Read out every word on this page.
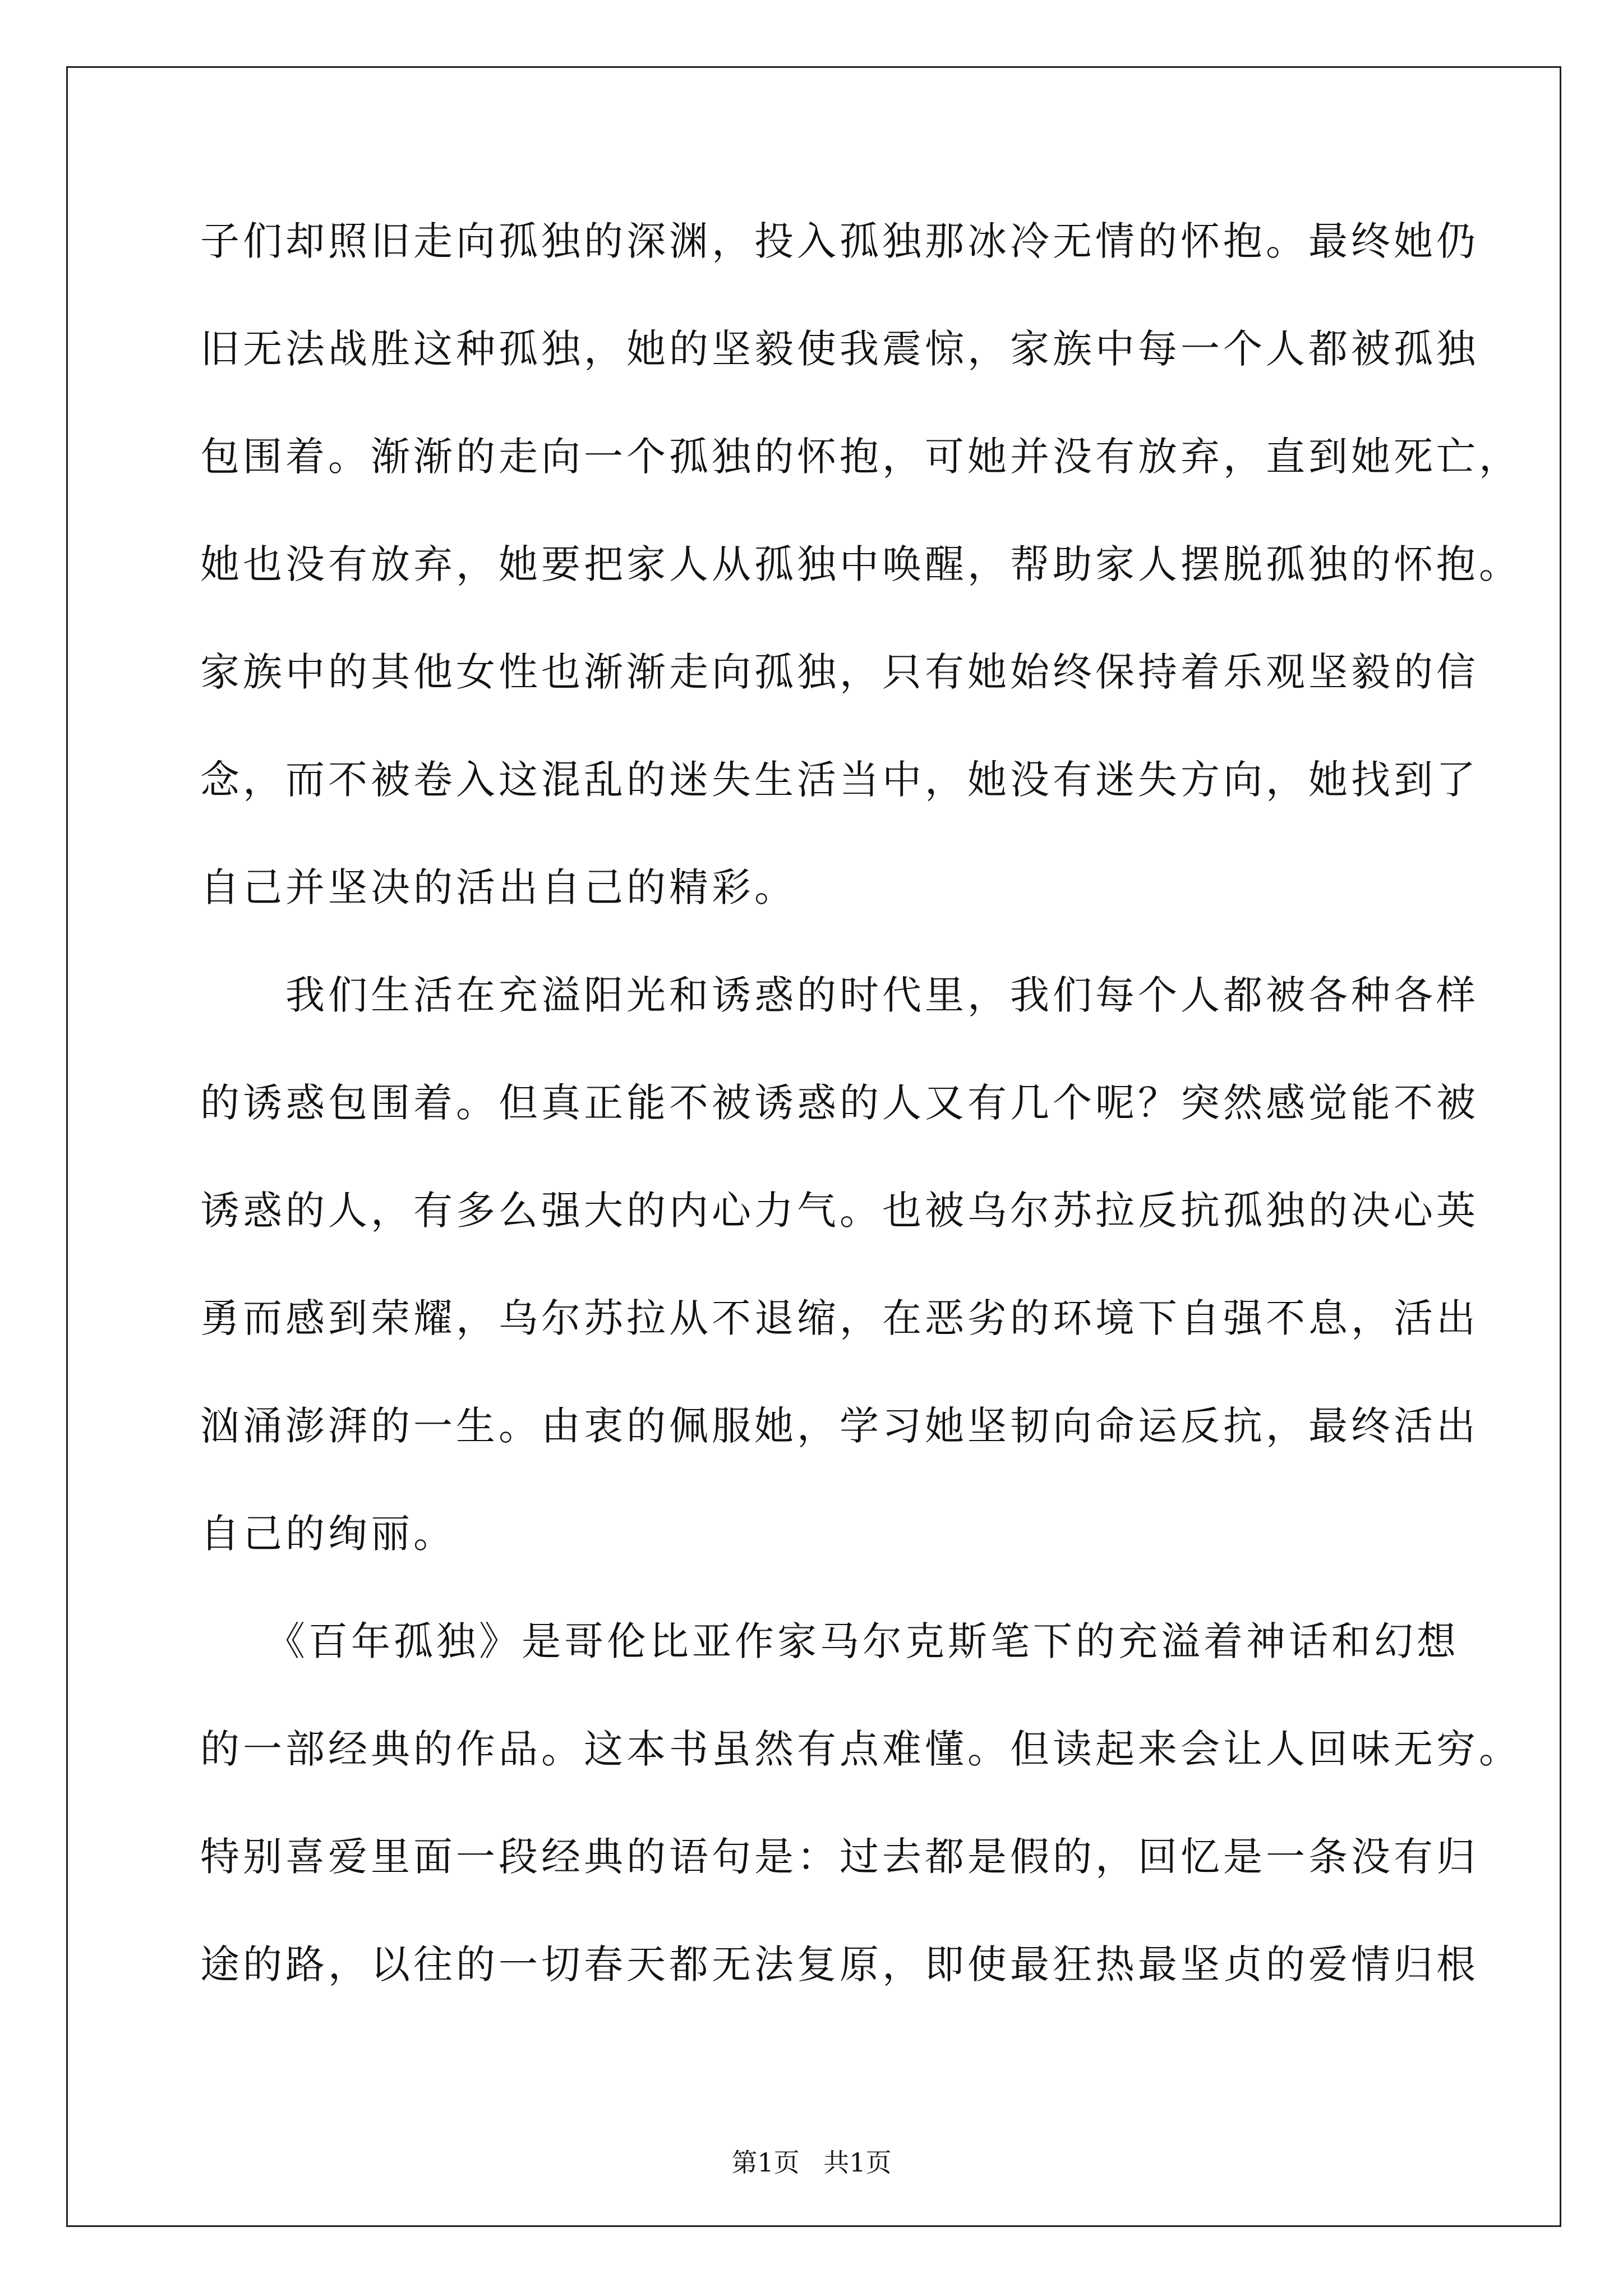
子们却照旧走向孤独的深渊，投入孤独那冰冷无情的怀抱。最终她仍
旧无法战胜这种孤独，她的坚毅使我震惊，家族中每一个人都被孤独
包围着。渐渐的走向一个孤独的怀抱，可她并没有放弃，直到她死亡，
她也没有放弃，她要把家人从孤独中唤醒，帮助家人摆脱孤独的怀抱。
家族中的其他女性也渐渐走向孤独，只有她始终保持着乐观坚毅的信
念，而不被卷入这混乱的迷失生活当中，她没有迷失方向，她找到了
自己并坚决的活出自己的精彩。
　　我们生活在充溢阳光和诱惑的时代里，我们每个人都被各种各样
的诱惑包围着。但真正能不被诱惑的人又有几个呢？突然感觉能不被
诱惑的人，有多么强大的内心力气。也被乌尔苏拉反抗孤独的决心英
勇而感到荣耀，乌尔苏拉从不退缩，在恶劣的环境下自强不息，活出
汹涌澎湃的一生。由衷的佩服她，学习她坚韧向命运反抗，最终活出
自己的绚丽。
　　《百年孤独》是哥伦比亚作家马尔克斯笔下的充溢着神话和幻想
的一部经典的作品。这本书虽然有点难懂。但读起来会让人回味无穷。
特别喜爱里面一段经典的语句是：过去都是假的，回忆是一条没有归
途的路，以往的一切春天都无法复原，即使最狂热最坚贞的爱情归根
第1页 共1页
